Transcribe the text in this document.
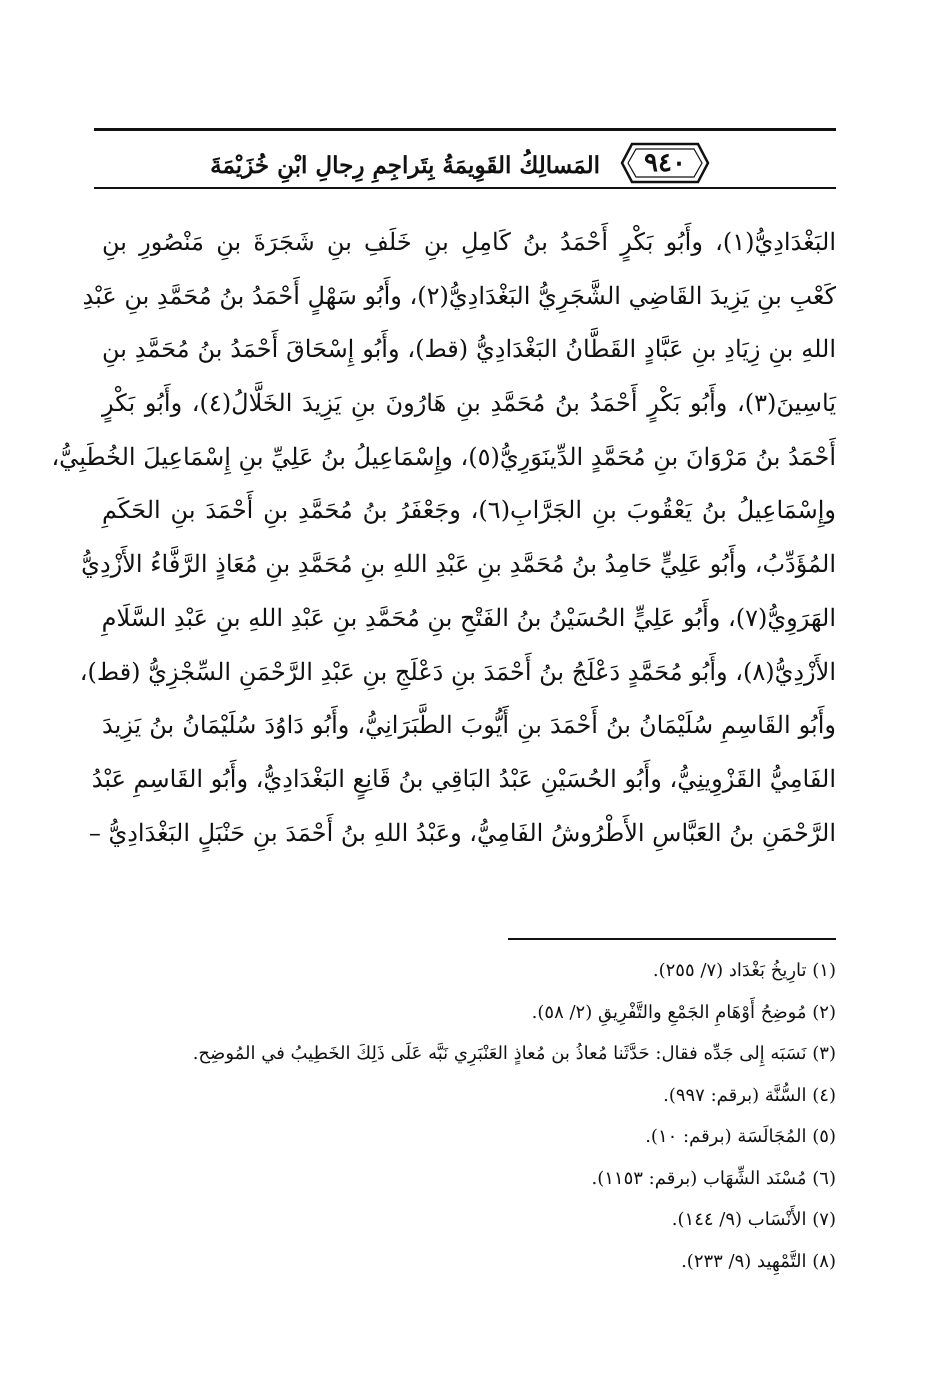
المَسالِكُ القَوِيمَةُ بِتَراجِمِ رِجالِ ابْنِ خُزَيْمَةَ	٩٤٠
البَغْدَادِيُّ(١)، وأَبُو بَكْرٍ أَحْمَدُ بنُ كَامِلِ بنِ خَلَفِ بنِ شَجَرَةَ بنِ مَنْصُورِ بنِ
كَعْبِ بنِ يَزِيدَ القَاضِي الشَّجَرِيُّ البَغْدَادِيُّ(٢)، وأَبُو سَهْلٍ أَحْمَدُ بنُ مُحَمَّدِ بنِ عَبْدِ
اللهِ بنِ زِيَادِ بنِ عَبَّادٍ القَطَّانُ البَغْدَادِيُّ (قط)، وأَبُو إِسْحَاقَ أَحْمَدُ بنُ مُحَمَّدِ بنِ
يَاسِينَ(٣)، وأَبُو بَكْرٍ أَحْمَدُ بنُ مُحَمَّدِ بنِ هَارُونَ بنِ يَزِيدَ الخَلَّالُ(٤)، وأَبُو بَكْرٍ
أَحْمَدُ بنُ مَرْوَانَ بنِ مُحَمَّدٍ الدِّينَوَرِيُّ(٥)، وإِسْمَاعِيلُ بنُ عَلِيِّ بنِ إِسْمَاعِيلَ الخُطَبِيُّ،
وإِسْمَاعِيلُ بنُ يَعْقُوبَ بنِ الجَرَّابِ(٦)، وجَعْفَرُ بنُ مُحَمَّدِ بنِ أَحْمَدَ بنِ الحَكَمِ
المُؤَدِّبُ، وأَبُو عَلِيٍّ حَامِدُ بنُ مُحَمَّدِ بنِ عَبْدِ اللهِ بنِ مُحَمَّدِ بنِ مُعَاذٍ الرَّفَّاءُ الأَزْدِيُّ
الهَرَوِيُّ(٧)، وأَبُو عَلِيٍّ الحُسَيْنُ بنُ الفَتْحِ بنِ مُحَمَّدِ بنِ عَبْدِ اللهِ بنِ عَبْدِ السَّلَامِ
الأَزْدِيُّ(٨)، وأَبُو مُحَمَّدٍ دَعْلَجُ بنُ أَحْمَدَ بنِ دَعْلَجِ بنِ عَبْدِ الرَّحْمَنِ السِّجْزِيُّ (قط)،
وأَبُو القَاسِمِ سُلَيْمَانُ بنُ أَحْمَدَ بنِ أَيُّوبَ الطَّبَرَانِيُّ، وأَبُو دَاوُدَ سُلَيْمَانُ بنُ يَزِيدَ
الفَامِيُّ القَزْوِينِيُّ، وأَبُو الحُسَيْنِ عَبْدُ البَاقِي بنُ قَانِعٍ البَغْدَادِيُّ، وأَبُو القَاسِمِ عَبْدُ
الرَّحْمَنِ بنُ العَبَّاسِ الأَطْرُوشُ الفَامِيُّ، وعَبْدُ اللهِ بنُ أَحْمَدَ بنِ حَنْبَلٍ البَغْدَادِيُّ –
(١) تارِيخُ بَغْدَاد (٧/ ٢٥٥).
(٢) مُوضِحُ أَوْهَامِ الجَمْعِ والتَّفْرِيقِ (٢/ ٥٨).
(٣) نَسَبَه إِلى جَدِّه فقال: حَدَّثَنا مُعاذُ بن مُعاذٍ العَنْبَرِي نَبَّه عَلَى ذَلِكَ الخَطِيبُ في المُوضِح.
(٤) السُّنَّة (برقم: ٩٩٧).
(٥) المُجَالَسَة (برقم: ١٠).
(٦) مُسْنَد الشِّهَاب (برقم: ١١٥٣).
(٧) الأَنْسَاب (٩/ ١٤٤).
(٨) التَّمْهِيد (٩/ ٢٣٣).
